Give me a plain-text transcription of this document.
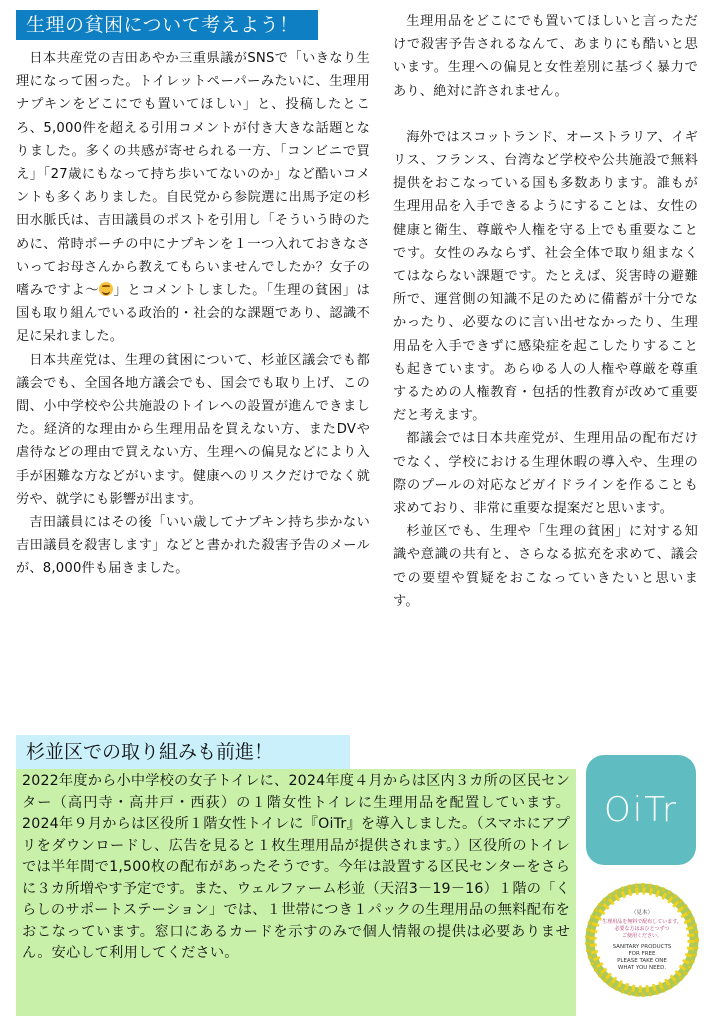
生理の貧困について考えよう！

日本共産党の吉田あやか三重県議がSNSで「いきなり生理になって困った。トイレットペーパーみたいに、生理用ナプキンをどこにでも置いてほしい」と、投稿したところ、5,000件を超える引用コメントが付き大きな話題となりました。多くの共感が寄せられる一方、「コンビニで買え」「27歳にもなって持ち歩いてないのか」など酷いコメントも多くありました。自民党から参院選に出馬予定の杉田水脈氏は、吉田議員のポストを引用し「そういう時のために、常時ポーチの中にナプキンを１一つ入れておきなさいってお母さんから教えてもらいませんでしたか？女子の嗜みですよ～ 」とコメントしました。「生理の貧困」は国も取り組んでいる政治的・社会的な課題であり、認識不足に呆れました。

日本共産党は、生理の貧困について、杉並区議会でも都議会でも、全国各地方議会でも、国会でも取り上げ、この間、小中学校や公共施設のトイレへの設置が進んできました。経済的な理由から生理用品を買えない方、またDVや虐待などの理由で買えない方、生理への偏見などにより入手が困難な方などがいます。健康へのリスクだけでなく就労や、就学にも影響が出ます。

吉田議員にはその後「いい歳してナプキン持ち歩かない吉田議員を殺害します」などと書かれた殺害予告のメールが、8,000件も届きました。

生理用品をどこにでも置いてほしいと言っただけで殺害予告されるなんて、あまりにも酷いと思います。生理への偏見と女性差別に基づく暴力であり、絶対に許されません。

海外ではスコットランド、オーストラリア、イギリス、フランス、台湾など学校や公共施設で無料提供をおこなっている国も多数あります。誰もが生理用品を入手できるようにすることは、女性の健康と衛生、尊厳や人権を守る上でも重要なことです。女性のみならず、社会全体で取り組まなくてはならない課題です。たとえば、災害時の避難所で、運営側の知識不足のために備蓄が十分でなかったり、必要なのに言い出せなかったり、生理用品を入手できずに感染症を起こしたりすることも起きています。あらゆる人の人権や尊厳を尊重するための人権教育・包括的性教育が改めて重要だと考えます。

都議会では日本共産党が、生理用品の配布だけでなく、学校における生理休暇の導入や、生理の際のプールの対応などガイドラインを作ることも求めており、非常に重要な提案だと思います。

杉並区でも、生理や「生理の貧困」に対する知識や意識の共有と、さらなる拡充を求めて、議会での要望や質疑をおこなっていきたいと思います。

杉並区での取り組みも前進！

2022年度から小中学校の女子トイレに、2024年度４月からは区内３カ所の区民センター（高円寺・高井戸・西荻）の１階女性トイレに生理用品を配置しています。2024年９月からは区役所１階女性トイレに『OiTr』を導入しました。（スマホにアプリをダウンロードし、広告を見ると１枚生理用品が提供されます。）区役所のトイレでは半年間で1,500枚の配布があったそうです。今年は設置する区民センターをさらに３カ所増やす予定です。また、ウェルファーム杉並（天沼3－19－16）１階の「くらしのサポートステーション」では、１世帯につき１パックの生理用品の無料配布をおこなっています。窓口にあるカードを示すのみで個人情報の提供は必要ありません。安心して利用してください。

OiTr
（見本）
生理用品を無料で配布しています。
必要な方はおひとつずつ
ご使用ください。
SANITARY PRODUCTS
FOR FREE
PLEASE TAKE ONE
WHAT YOU NEED.
